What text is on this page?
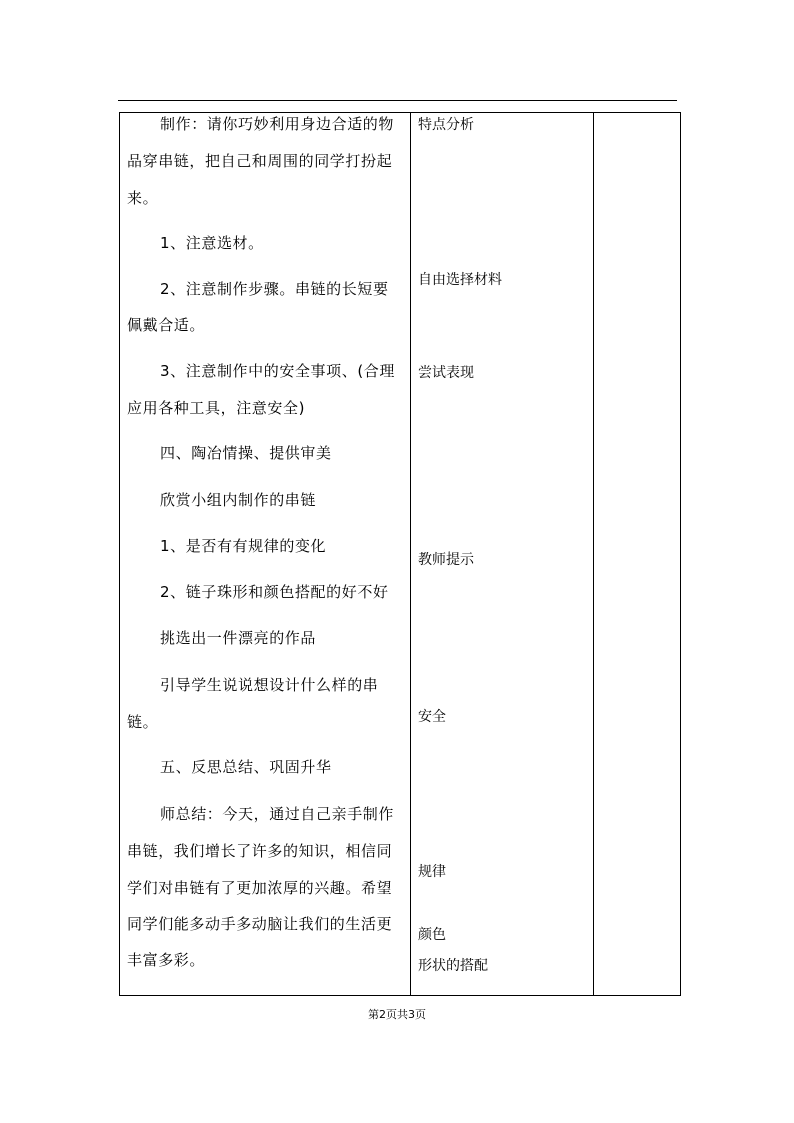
制作：请你巧妙利用身边合适的物
品穿串链，把自己和周围的同学打扮起
来。
1、注意选材。
2、注意制作步骤。串链的长短要
佩戴合适。
3、注意制作中的安全事项、(合理
应用各种工具，注意安全)
四、陶冶情操、提供审美
欣赏小组内制作的串链
1、是否有有规律的变化
2、链子珠形和颜色搭配的好不好
挑选出一件漂亮的作品
引导学生说说想设计什么样的串
链。
五、反思总结、巩固升华
师总结：今天，通过自己亲手制作
串链，我们增长了许多的知识，相信同
学们对串链有了更加浓厚的兴趣。希望
同学们能多动手多动脑让我们的生活更
丰富多彩。
特点分析
自由选择材料
尝试表现
教师提示
安全
规律
颜色
形状的搭配
第2页共3页
